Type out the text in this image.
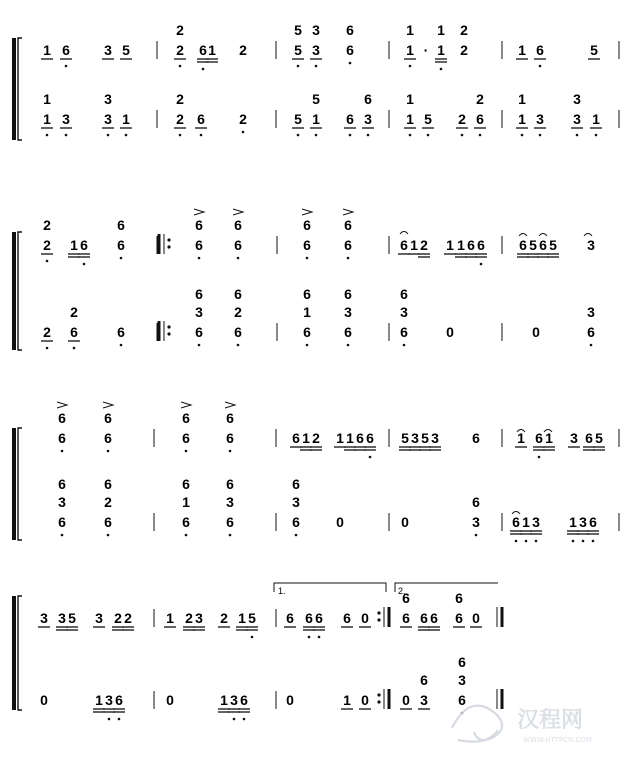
1 6 3 5	2
2
6 1 2	5
5
3
3
6
6
1
1
· 1
1
2
2
1 6	5
1
1
3 3
3
1	2
2
6 2	5 1
5
6 3
6
1
1
5 2 6
2
1
1
3 3
3
1
2
2
1 6 6
6
6
6
6
6
6
6
6
6
6 1 2 1 1 6 6 6 5 6 5 3
2 6
2
6	6
3
6
6
2
6
6
1
6
6
3
6
6
3
6
0	0	6
3
6
6
6
6
6
6
6
6
6 1 2 1 1 6 6 5 3 5 3 6	1 6 1 3 6 5
6
3
6
6
2
6
6
1
6
6
3
6
6
3
6
0	0	3
6
6 1 3 1 3 6
3 3 5 3 2 2 1 2 3 2 1 5 6 6 6 6 0 6
6
6 6 6
6
0
0	1 3 6	0	1 3 6	0	1 0 0 3
6
6
3
6
1.	2.
汉程网
WWW.HTTPCN.COM
